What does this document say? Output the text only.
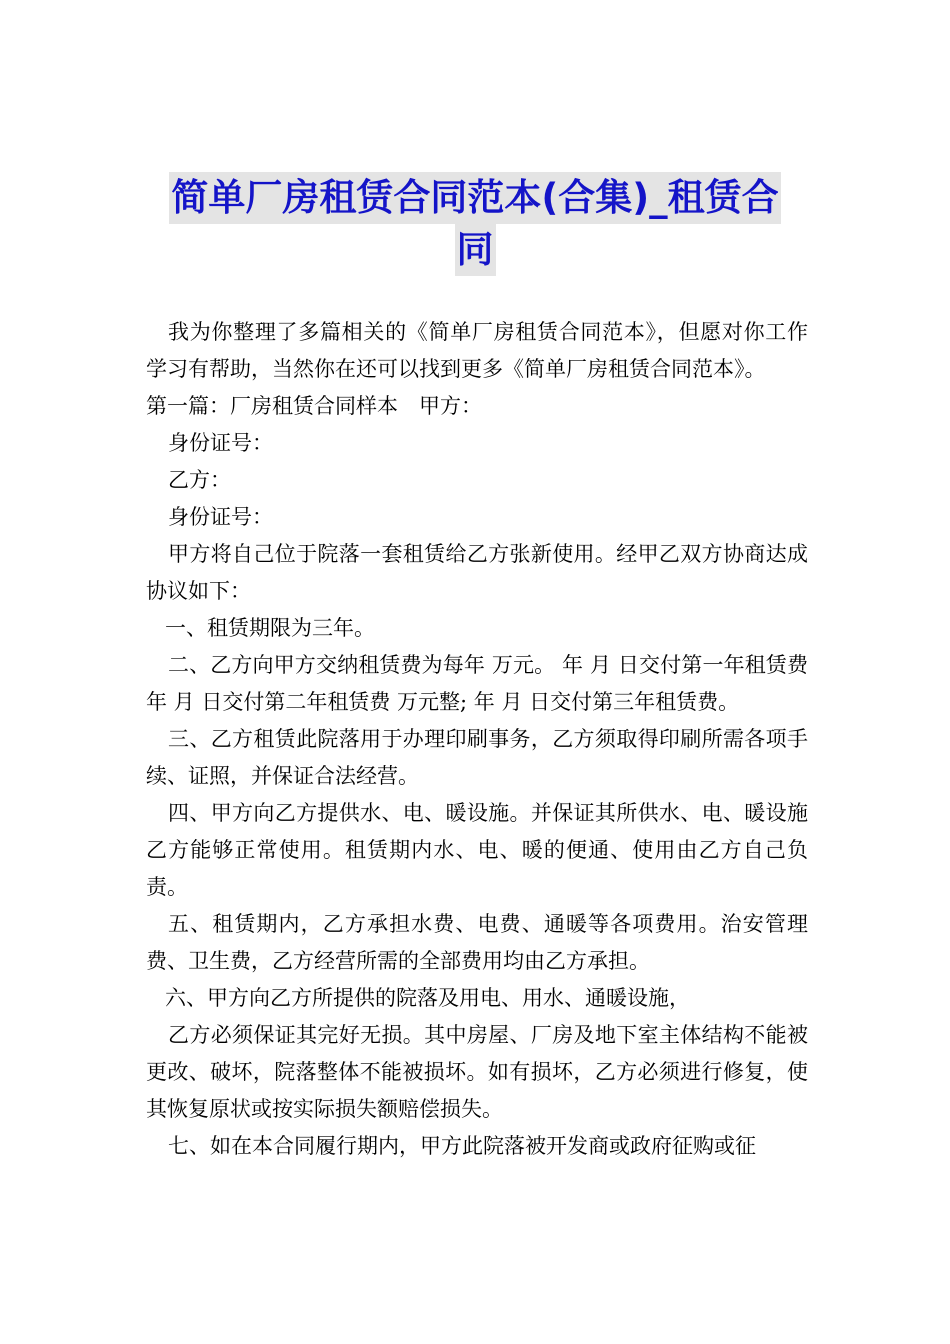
简单厂房租赁合同范本(合集)_租赁合
同

我为你整理了多篇相关的《简单厂房租赁合同范本》，但愿对你工作学习有帮助，当然你在还可以找到更多《简单厂房租赁合同范本》。

第一篇：厂房租赁合同样本　甲方：

身份证号：

乙方：

身份证号：

甲方将自己位于院落一套租赁给乙方张新使用。经甲乙双方协商达成协议如下：

一、租赁期限为三年。

二、乙方向甲方交纳租赁费为每年 万元。 年 月 日交付第一年租赁费 年 月 日交付第二年租赁费 万元整; 年 月 日交付第三年租赁费。

三、乙方租赁此院落用于办理印刷事务，乙方须取得印刷所需各项手续、证照，并保证合法经营。

四、甲方向乙方提供水、电、暖设施。并保证其所供水、电、暖设施乙方能够正常使用。租赁期内水、电、暖的便通、使用由乙方自己负责。

五、租赁期内，乙方承担水费、电费、通暖等各项费用。治安管理费、卫生费，乙方经营所需的全部费用均由乙方承担。

六、甲方向乙方所提供的院落及用电、用水、通暖设施，

乙方必须保证其完好无损。其中房屋、厂房及地下室主体结构不能被更改、破坏，院落整体不能被损坏。如有损坏，乙方必须进行修复，使其恢复原状或按实际损失额赔偿损失。

七、如在本合同履行期内，甲方此院落被开发商或政府征购或征
